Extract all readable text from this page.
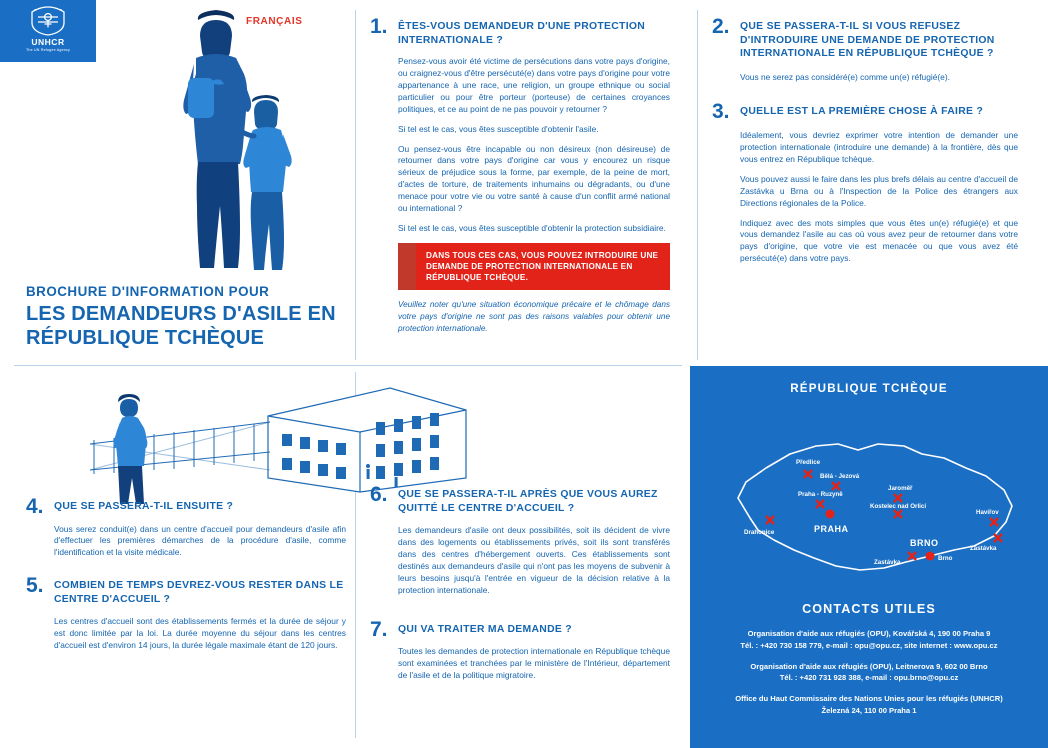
UNHCR
The UN Refugee Agency
FRANÇAIS
BROCHURE D'INFORMATION POUR
LES DEMANDEURS D'ASILE EN RÉPUBLIQUE TCHÈQUE
1.	ÊTES-VOUS DEMANDEUR D'UNE PROTECTION INTERNATIONALE ?

Pensez-vous avoir été victime de persécutions dans votre pays d'origine, ou craignez-vous d'être persécuté(e) dans votre pays d'origine pour votre appartenance à une race, une religion, un groupe ethnique ou social particulier ou pour être porteur (porteuse) de certaines croyances politiques, et ce au point de ne pas pouvoir y retourner ?

Si tel est le cas, vous êtes susceptible d'obtenir l'asile.

Ou pensez-vous être incapable ou non désireux (non désireuse) de retourner dans votre pays d'origine car vous y encourez un risque sérieux de préjudice sous la forme, par exemple, de la peine de mort, d'actes de torture, de traitements inhumains ou dégradants, ou d'une menace pour votre vie ou votre santé à cause d'un conflit armé national ou international ?

Si tel est le cas, vous êtes susceptible d'obtenir la protection subsidiaire.

DANS TOUS CES CAS, VOUS POUVEZ INTRODUIRE UNE DEMANDE DE PROTECTION INTERNATIONALE EN RÉPUBLIQUE TCHÈQUE.
Veuillez noter qu'une situation économique précaire et le chômage dans votre pays d'origine ne sont pas des raisons valables pour obtenir une protection internationale.
2.	QUE SE PASSERA-T-IL SI VOUS REFUSEZ D'INTRODUIRE UNE DEMANDE DE PROTECTION INTERNATIONALE EN RÉPUBLIQUE TCHÈQUE ?

Vous ne serez pas considéré(e) comme un(e) réfugié(e).

3.	QUELLE EST LA PREMIÈRE CHOSE À FAIRE ?

Idéalement, vous devriez exprimer votre intention de demander une protection internationale (introduire une demande) à la frontière, dès que vous entrez en République tchèque.

Vous pouvez aussi le faire dans les plus brefs délais au centre d'accueil de Zastávka u Brna ou à l'Inspection de la Police des étrangers aux Directions régionales de la Police.

Indiquez avec des mots simples que vous êtes un(e) réfugié(e) et que vous demandez l'asile au cas où vous avez peur de retourner dans votre pays d'origine, que votre vie est menacée ou que vous avez été persécuté(e) dans votre pays.

4.	QUE SE PASSERA-T-IL ENSUITE ?

Vous serez conduit(e) dans un centre d'accueil pour demandeurs d'asile afin d'effectuer les premières démarches de la procédure d'asile, comme l'identification et la visite médicale.

5.	COMBIEN DE TEMPS DEVREZ-VOUS RESTER DANS LE CENTRE D'ACCUEIL ?

Les centres d'accueil sont des établissements fermés et la durée de séjour y est donc limitée par la loi. La durée moyenne du séjour dans les centres d'accueil est d'environ 14 jours, la durée légale maximale étant de 120 jours.

6.	QUE SE PASSERA-T-IL APRÈS QUE VOUS AUREZ QUITTÉ LE CENTRE D'ACCUEIL ?

Les demandeurs d'asile ont deux possibilités, soit ils décident de vivre dans des logements ou établissements privés, soit ils sont transférés dans des centres d'hébergement ouverts. Ces établissements sont destinés aux demandeurs d'asile qui n'ont pas les moyens de subvenir à leurs besoins jusqu'à l'entrée en vigueur de la décision relative à la protection internationale.

7.	QUI VA TRAITER MA DEMANDE ?

Toutes les demandes de protection internationale en République tchèque sont examinées et tranchées par le ministère de l'Intérieur, département de l'asile et de la politique migratoire.

RÉPUBLIQUE TCHÈQUE
Předlice
Bělá - Jezová
Praha - Ruzyně
Drahonice
Jaroměř
Kostelec nad Orlicí
Havířov
Zastávka
Zastávka
Brno
PRAHA
BRNO
CONTACTS UTILES
Organisation d'aide aux réfugiés (OPU), Kovářská 4, 190 00 Praha 9
Tél. : +420 730 158 779, e-mail : opu@opu.cz, site internet : www.opu.cz
Organisation d'aide aux réfugiés (OPU), Leitnerova 9, 602 00 Brno
Tél. : +420 731 928 388, e-mail : opu.brno@opu.cz
Office du Haut Commissaire des Nations Unies pour les réfugiés (UNHCR)
Železná 24, 110 00 Praha 1
